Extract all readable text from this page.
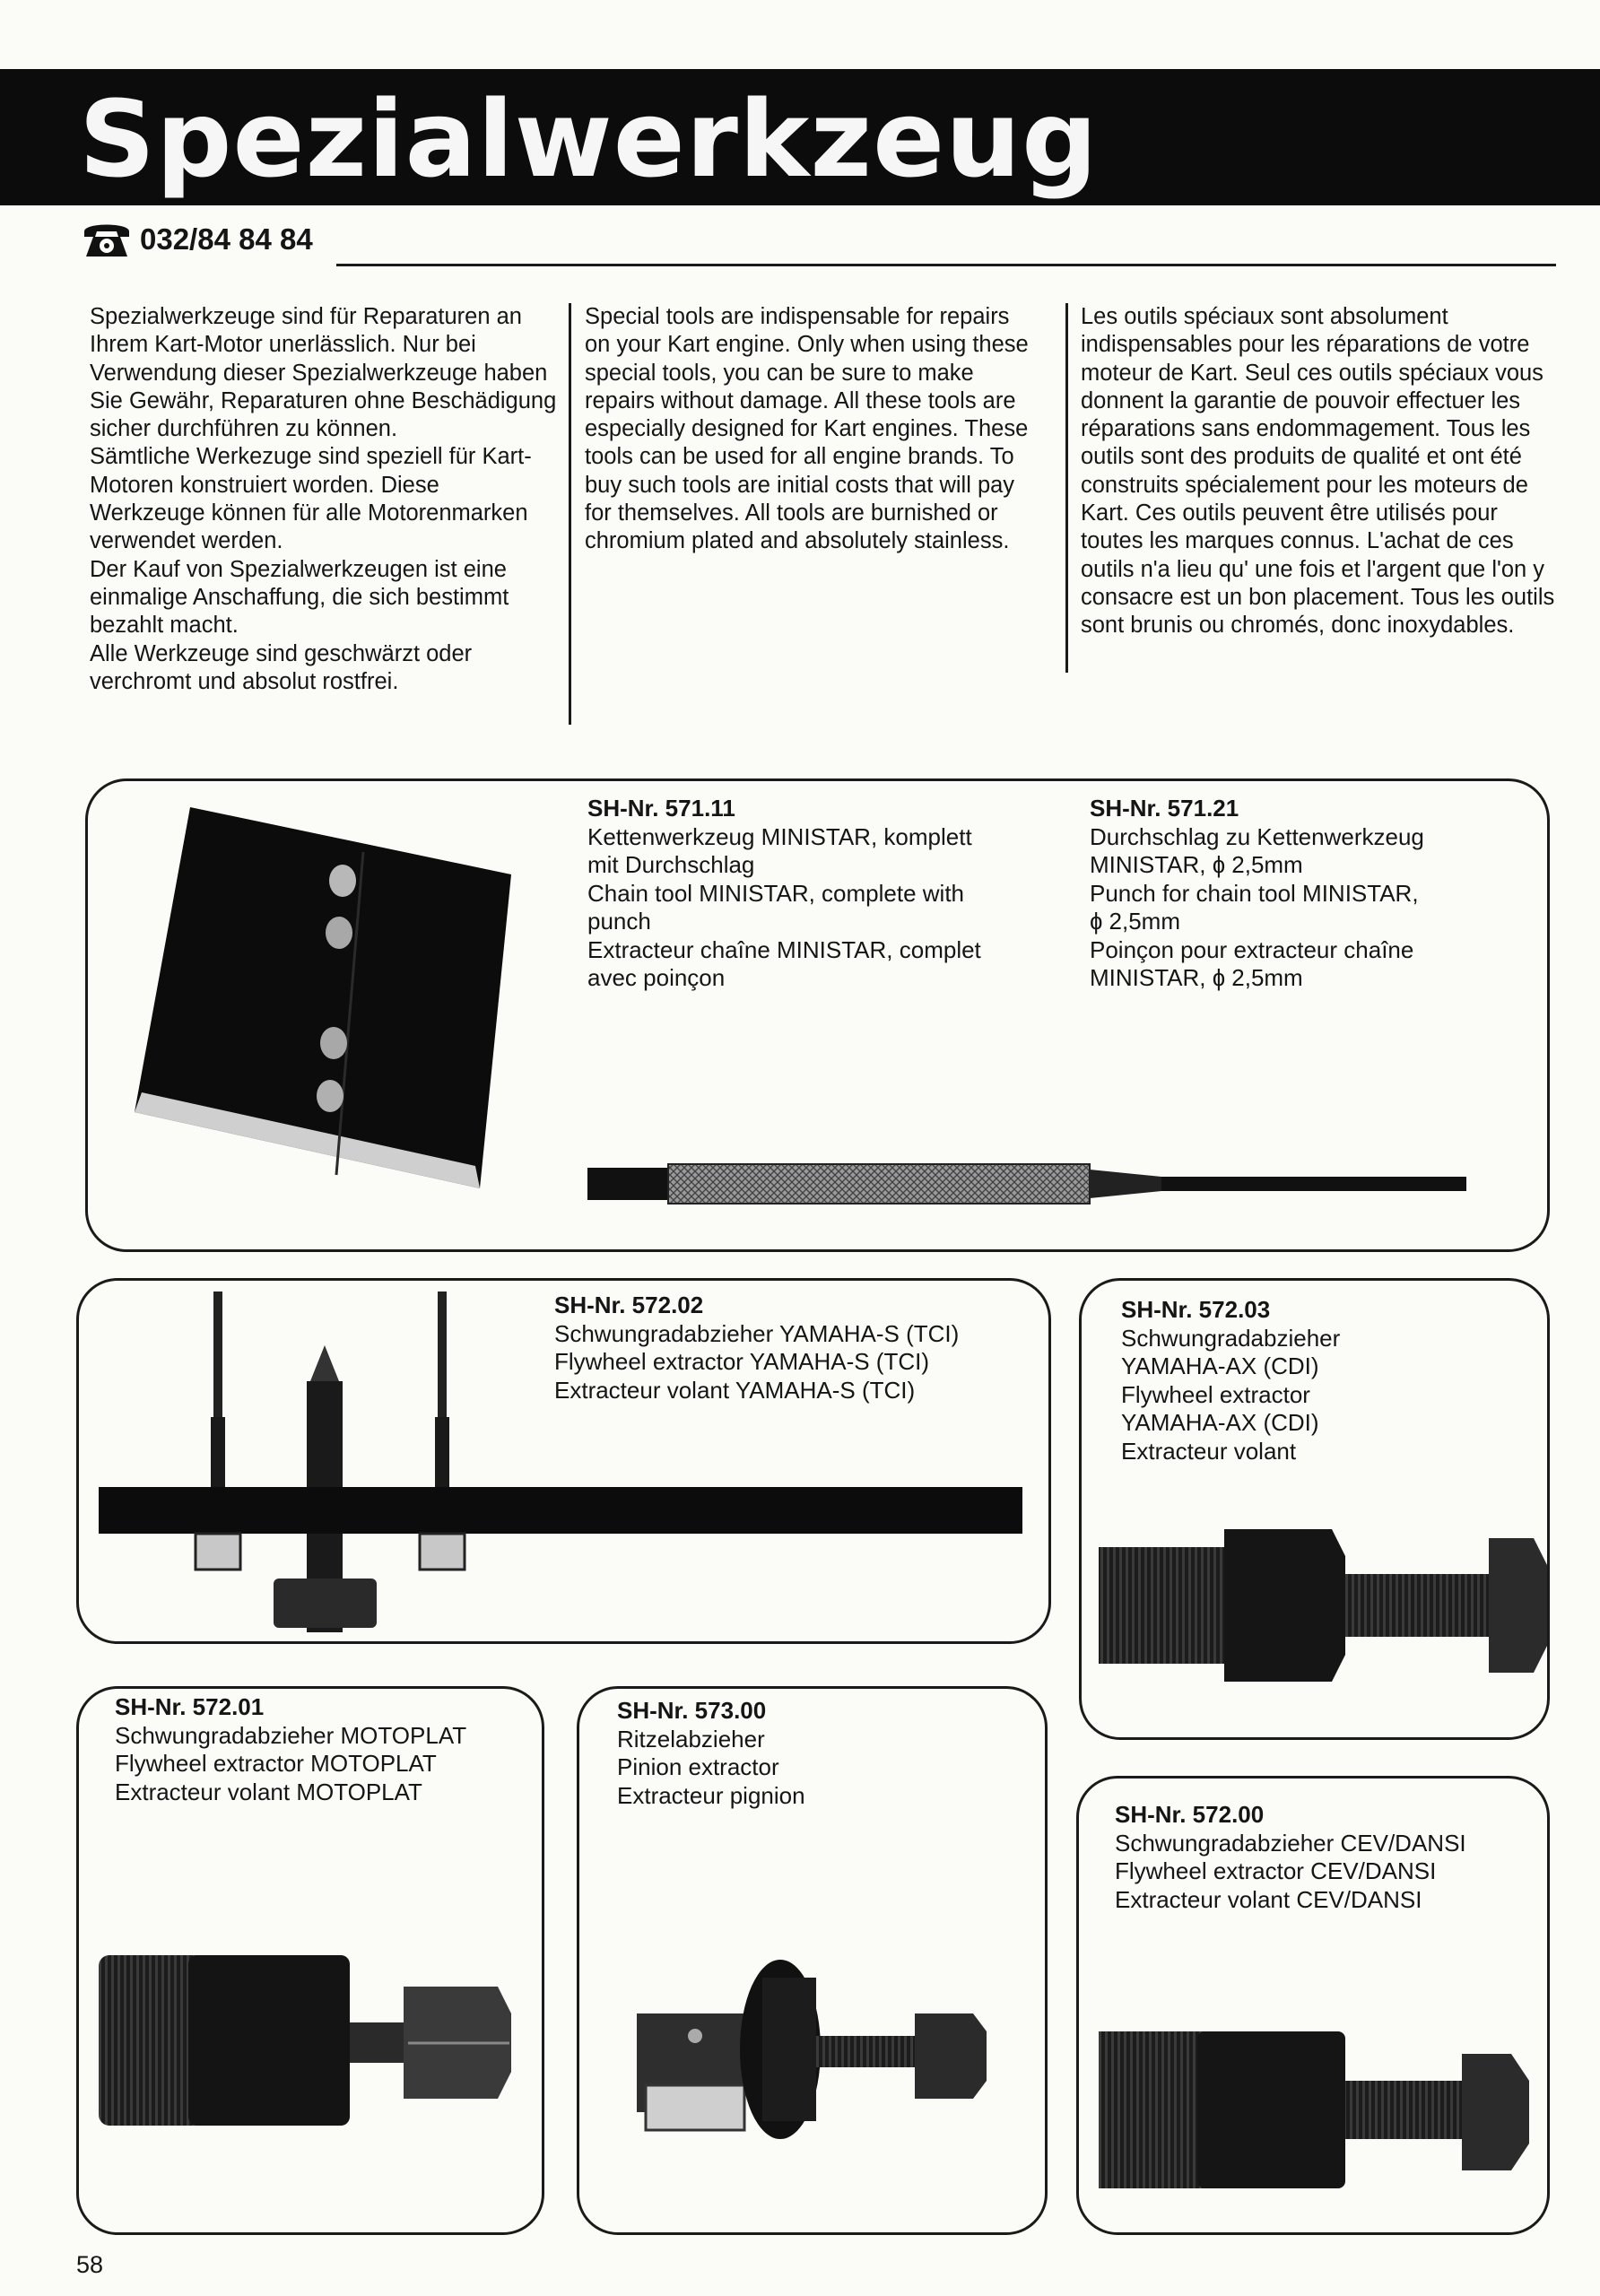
Spezialwerkzeug
032/84 84 84

Spezialwerkzeuge sind für Reparaturen an Ihrem Kart-Motor unerlässlich. Nur bei Verwendung dieser Spezialwerkzeuge haben Sie Gewähr, Reparaturen ohne Beschädigung sicher durchführen zu können.

Sämtliche Werkezuge sind speziell für Kart-Motoren konstruiert worden. Diese Werkzeuge können für alle Motorenmarken verwendet werden.

Der Kauf von Spezialwerkzeugen ist eine einmalige Anschaffung, die sich bestimmt bezahlt macht.

Alle Werkzeuge sind geschwärzt oder verchromt und absolut rostfrei.

Special tools are indispensable for repairs on your Kart engine. Only when using these special tools, you can be sure to make repairs without damage. All these tools are especially designed for Kart engines. These tools can be used for all engine brands. To buy such tools are initial costs that will pay for themselves. All tools are burnished or chromium plated and absolutely stainless.

Les outils spéciaux sont absolument indispensables pour les réparations de votre moteur de Kart. Seul ces outils spéciaux vous donnent la garantie de pouvoir effectuer les réparations sans endommagement. Tous les outils sont des produits de qualité et ont été construits spécialement pour les moteurs de Kart. Ces outils peuvent être utilisés pour toutes les marques connus. L'achat de ces outils n'a lieu qu' une fois et l'argent que l'on y consacre est un bon placement. Tous les outils sont brunis ou chromés, donc inoxydables.

SH-Nr. 571.11
Kettenwerkzeug MINISTAR, komplett
mit Durchschlag
Chain tool MINISTAR, complete with
punch
Extracteur chaîne MINISTAR, complet
avec poinçon
SH-Nr. 571.21
Durchschlag zu Kettenwerkzeug
MINISTAR, ɸ 2,5mm
Punch for chain tool MINISTAR,
ɸ 2,5mm
Poinçon pour extracteur chaîne
MINISTAR, ɸ 2,5mm
SH-Nr. 572.02
Schwungradabzieher YAMAHA-S (TCI)
Flywheel extractor YAMAHA-S (TCI)
Extracteur volant YAMAHA-S (TCI)
SH-Nr. 572.03
Schwungradabzieher
YAMAHA-AX (CDI)
Flywheel extractor
YAMAHA-AX (CDI)
Extracteur volant
SH-Nr. 572.01
Schwungradabzieher MOTOPLAT
Flywheel extractor MOTOPLAT
Extracteur volant MOTOPLAT
SH-Nr. 573.00
Ritzelabzieher
Pinion extractor
Extracteur pignion
SH-Nr. 572.00
Schwungradabzieher CEV/DANSI
Flywheel extractor CEV/DANSI
Extracteur volant CEV/DANSI
58
